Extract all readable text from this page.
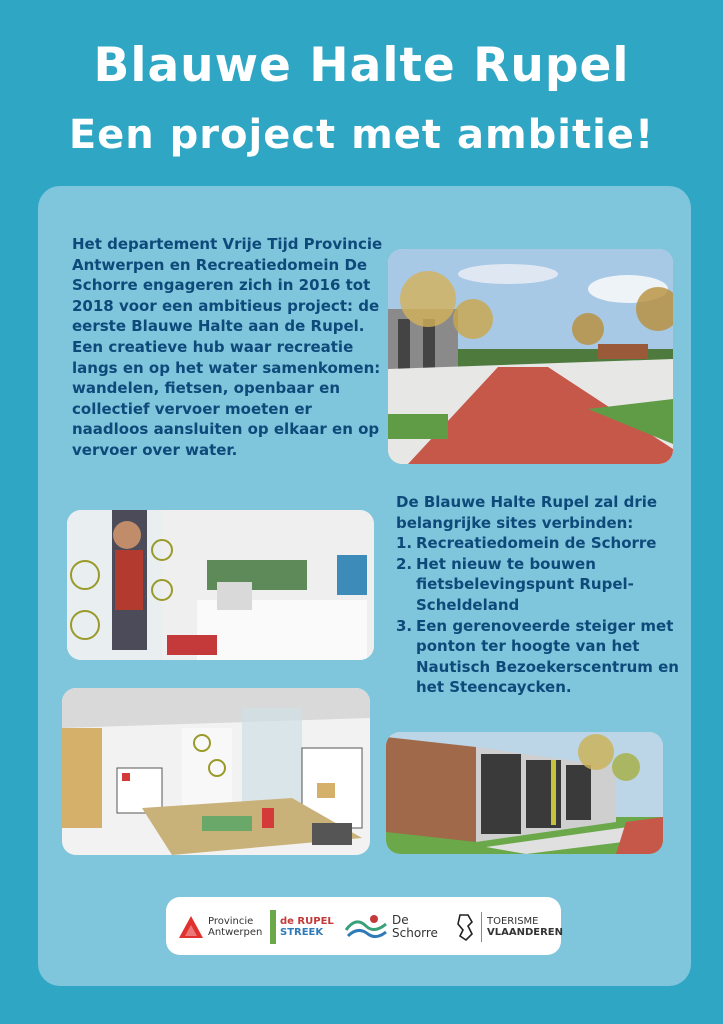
Blauwe Halte Rupel
Een project met ambitie!

Het departement Vrije Tijd Provincie Antwerpen en Recreatiedomein De Schorre engageren zich in 2016 tot 2018 voor een ambitieus project: de eerste Blauwe Halte aan de Rupel. Een creatieve hub waar recreatie langs en op het water samenkomen: wandelen, fietsen, openbaar en collectief vervoer moeten er naadloos aansluiten op elkaar en op vervoer over water.

De Blauwe Halte Rupel zal drie belangrijke sites verbinden:
1. Recreatiedomein de Schorre
2. Het nieuw te bouwen fietsbelevingspunt Rupel-Scheldeland
3. Een gerenoveerde steiger met ponton ter hoogte van het Nautisch Bezoekerscentrum en het Steencaycken.
Provincie
Antwerpen
de RUPEL
STREEK
De
Schorre
TOERISME
VLAANDEREN
